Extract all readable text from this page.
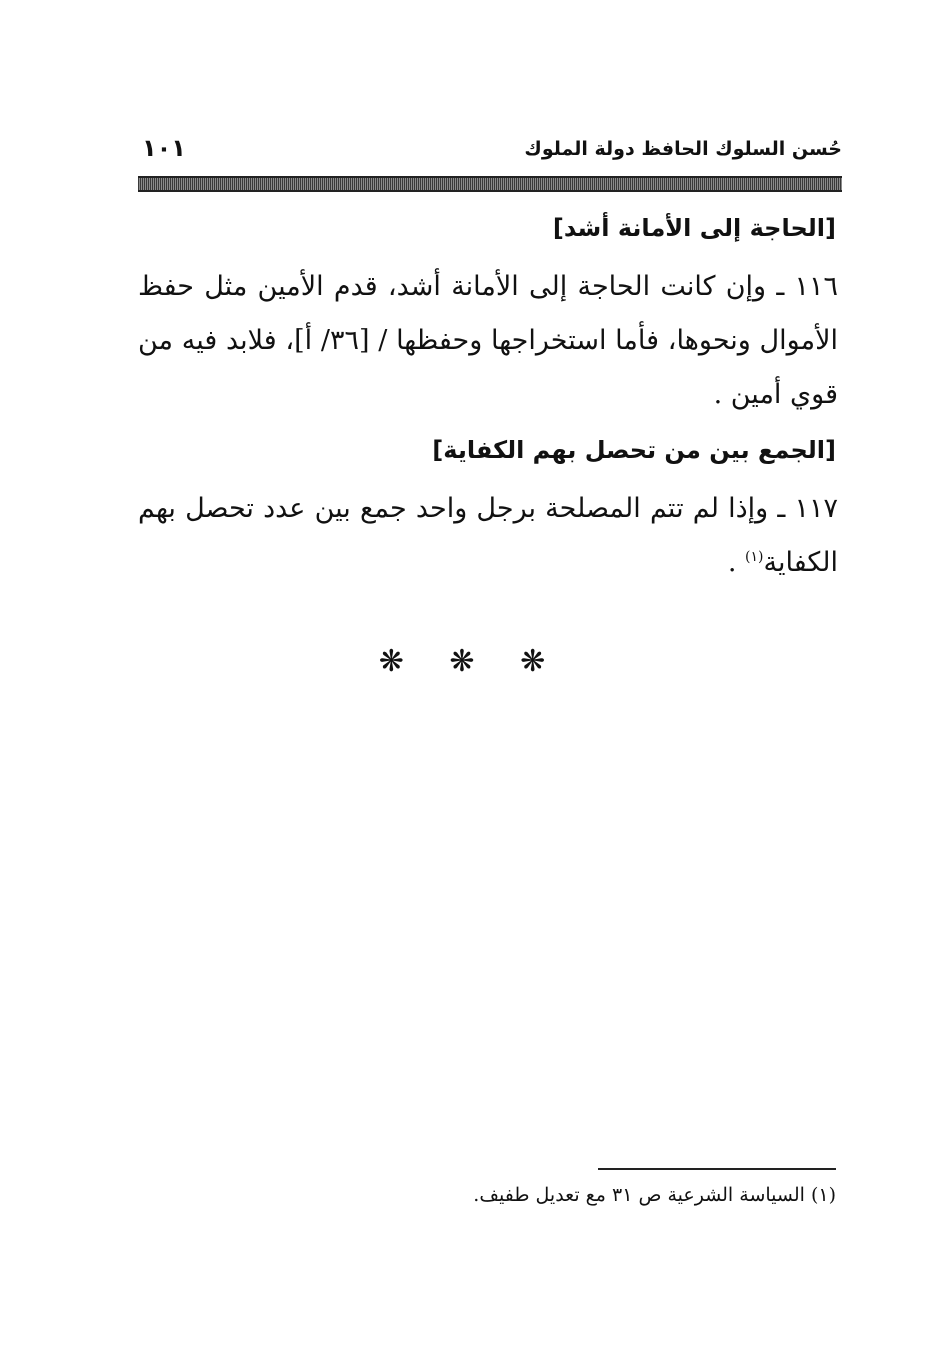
حُسن السلوك الحافظ دولة الملوك
١٠١
[الحاجة إلى الأمانة أشد]

١١٦ ـ وإن كانت الحاجة إلى الأمانة أشد، قدم الأمين مثل حفظ الأموال ونحوها، فأما استخراجها وحفظها / [٣٦/ أ]، فلابد فيه من قوي أمين .

[الجمع بين من تحصل بهم الكفاية]

١١٧ ـ وإذا لم تتم المصلحة برجل واحد جمع بين عدد تحصل بهم الكفاية$^{(١)}$ .

❋ ❋ ❋
(١) السياسة الشرعية ص ٣١ مع تعديل طفيف.
